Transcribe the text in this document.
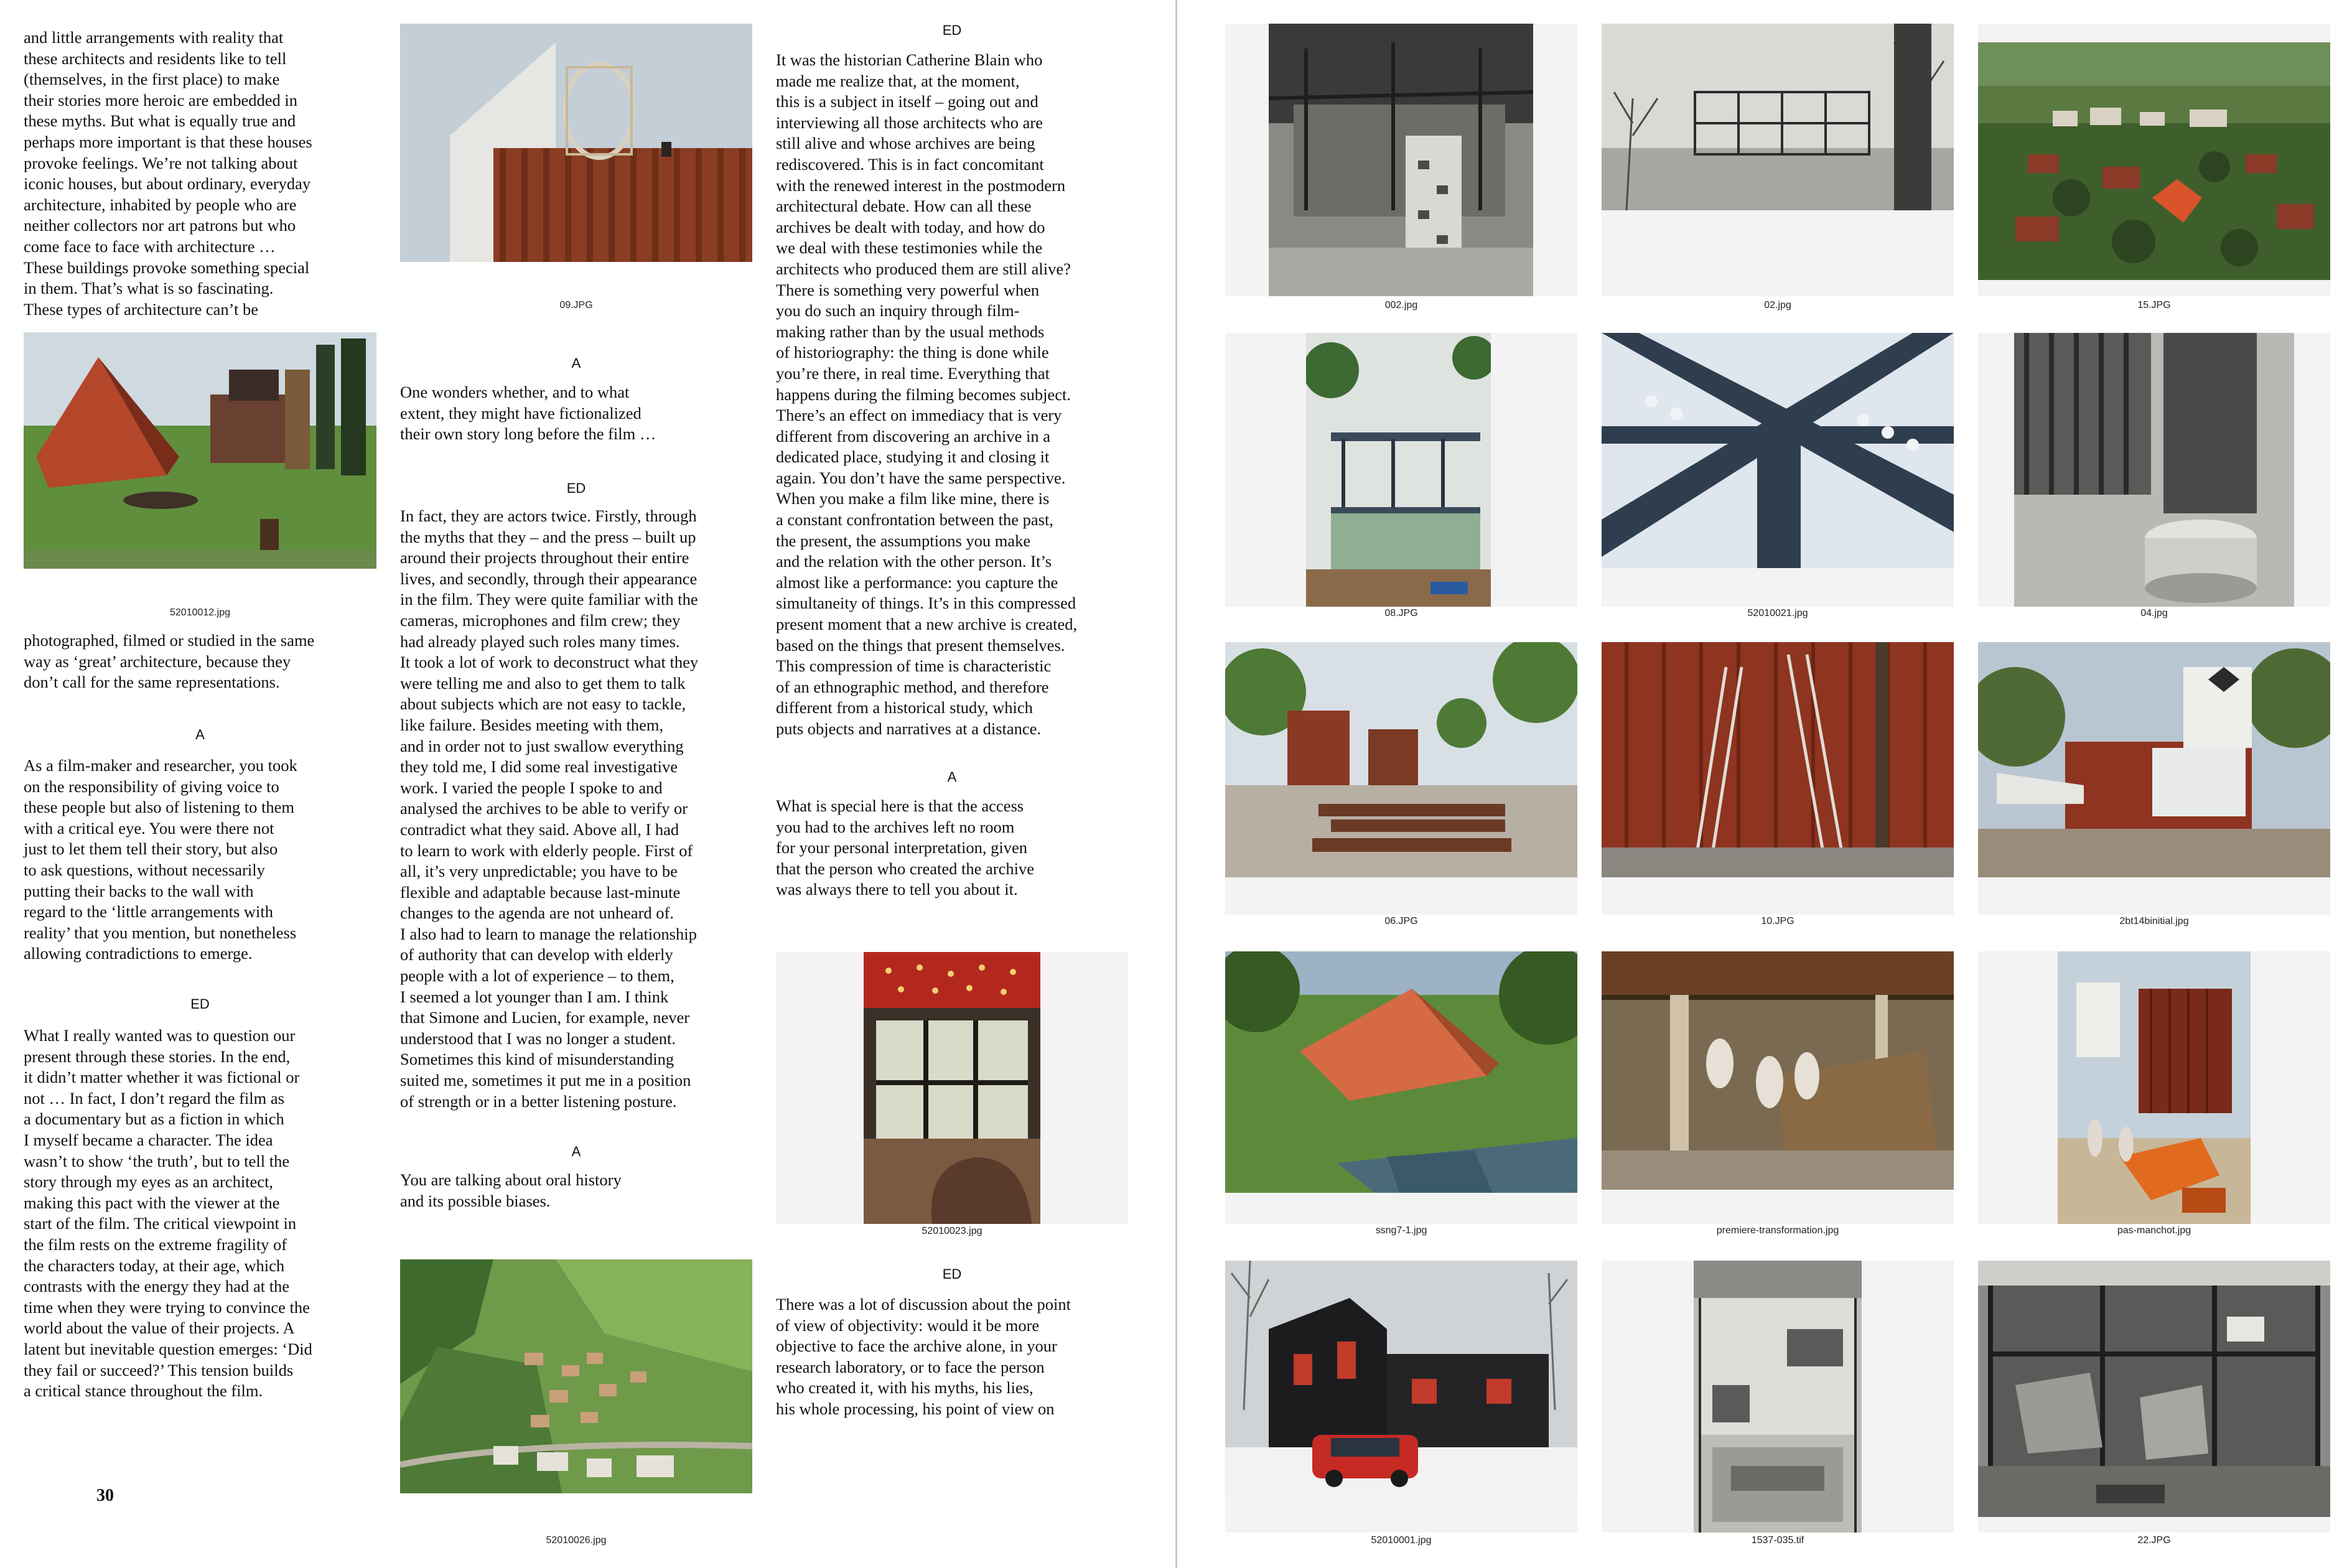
and little arrangements with reality that
these architects and residents like to tell
(themselves, in the first place) to make
their stories more heroic are embedded in
these myths. But what is equally true and
perhaps more important is that these houses
provoke feelings. We’re not talking about
iconic houses, but about ordinary, everyday
architecture, inhabited by people who are
neither collectors nor art patrons but who
come face to face with architecture …
These buildings provoke something special
in them. That’s what is so fascinating.
These types of architecture can’t be
52010012.jpg
photographed, filmed or studied in the same
way as ‘great’ architecture, because they
don’t call for the same representations.
A
As a film-maker and researcher, you took
on the responsibility of giving voice to
these people but also of listening to them
with a critical eye. You were there not
just to let them tell their story, but also
to ask questions, without necessarily
putting their backs to the wall with
regard to the ‘little arrangements with
reality’ that you mention, but nonetheless
allowing contradictions to emerge.
ED
What I really wanted was to question our
present through these stories. In the end,
it didn’t matter whether it was fictional or
not … In fact, I don’t regard the film as
a documentary but as a fiction in which
I myself became a character. The idea
wasn’t to show ‘the truth’, but to tell the
story through my eyes as an architect,
making this pact with the viewer at the
start of the film. The critical viewpoint in
the film rests on the extreme fragility of
the characters today, at their age, which
contrasts with the energy they had at the
time when they were trying to convince the
world about the value of their projects. A
latent but inevitable question emerges: ‘Did
they fail or succeed?’ This tension builds
a critical stance throughout the film.
30
09.JPG
A
One wonders whether, and to what
extent, they might have fictionalized
their own story long before the film …
ED
In fact, they are actors twice. Firstly, through
the myths that they – and the press – built up
around their projects throughout their entire
lives, and secondly, through their appearance
in the film. They were quite familiar with the
cameras, microphones and film crew; they
had already played such roles many times.
It took a lot of work to deconstruct what they
were telling me and also to get them to talk
about subjects which are not easy to tackle,
like failure. Besides meeting with them,
and in order not to just swallow everything
they told me, I did some real investigative
work. I varied the people I spoke to and
analysed the archives to be able to verify or
contradict what they said. Above all, I had
to learn to work with elderly people. First of
all, it’s very unpredictable; you have to be
flexible and adaptable because last-minute
changes to the agenda are not unheard of.
I also had to learn to manage the relationship
of authority that can develop with elderly
people with a lot of experience – to them,
I seemed a lot younger than I am. I think
that Simone and Lucien, for example, never
understood that I was no longer a student.
Sometimes this kind of misunderstanding
suited me, sometimes it put me in a position
of strength or in a better listening posture.
A
You are talking about oral history
and its possible biases.
52010026.jpg
ED
It was the historian Catherine Blain who
made me realize that, at the moment,
this is a subject in itself – going out and
interviewing all those architects who are
still alive and whose archives are being
rediscovered. This is in fact concomitant
with the renewed interest in the postmodern
architectural debate. How can all these
archives be dealt with today, and how do
we deal with these testimonies while the
architects who produced them are still alive?
There is something very powerful when
you do such an inquiry through film-
making rather than by the usual methods
of historiography: the thing is done while
you’re there, in real time. Everything that
happens during the filming becomes subject.
There’s an effect on immediacy that is very
different from discovering an archive in a
dedicated place, studying it and closing it
again. You don’t have the same perspective.
When you make a film like mine, there is
a constant confrontation between the past,
the present, the assumptions you make
and the relation with the other person. It’s
almost like a performance: you capture the
simultaneity of things. It’s in this compressed
present moment that a new archive is created,
based on the things that present themselves.
This compression of time is characteristic
of an ethnographic method, and therefore
different from a historical study, which
puts objects and narratives at a distance.
A
What is special here is that the access
you had to the archives left no room
for your personal interpretation, given
that the person who created the archive
was always there to tell you about it.
52010023.jpg
ED
There was a lot of discussion about the point
of view of objectivity: would it be more
objective to face the archive alone, in your
research laboratory, or to face the person
who created it, with his myths, his lies,
his whole processing, his point of view on
002.jpg	02.jpg	15.JPG
08.JPG	52010021.jpg	04.jpg
06.JPG	10.JPG	2bt14binitial.jpg
ssng7-1.jpg	premiere-transformation.jpg	pas-manchot.jpg
52010001.jpg	1537-035.tif	22.JPG
